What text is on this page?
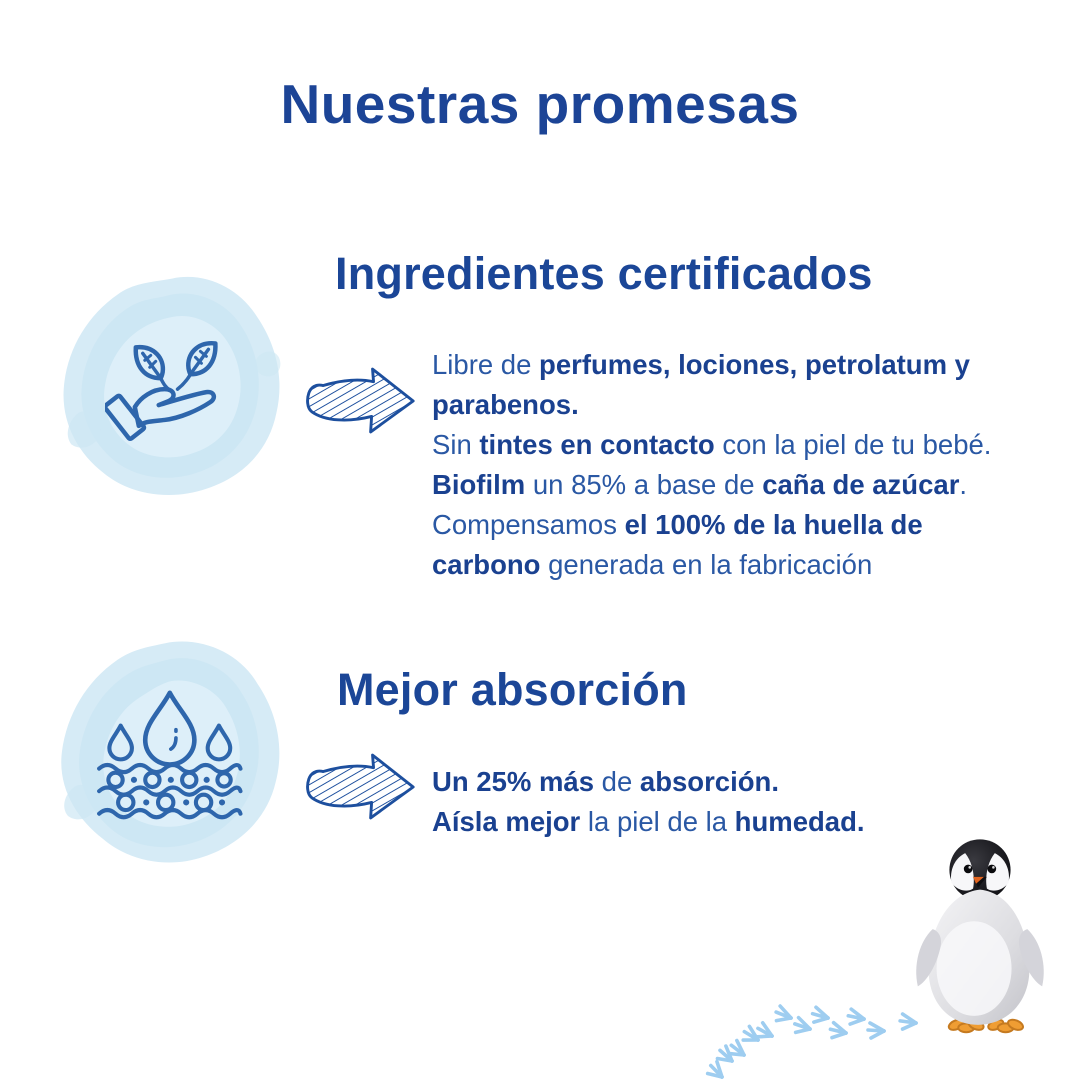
Nuestras promesas
Ingredientes certificados

Libre de perfumes, lociones, petrolatum y parabenos.

Sin tintes en contacto con la piel de tu bebé.

Biofilm un 85% a base de caña de azúcar.

Compensamos el 100% de la huella de carbono generada en la fabricación

Mejor absorción

Un 25% más de absorción.

Aísla mejor la piel de la humedad.
